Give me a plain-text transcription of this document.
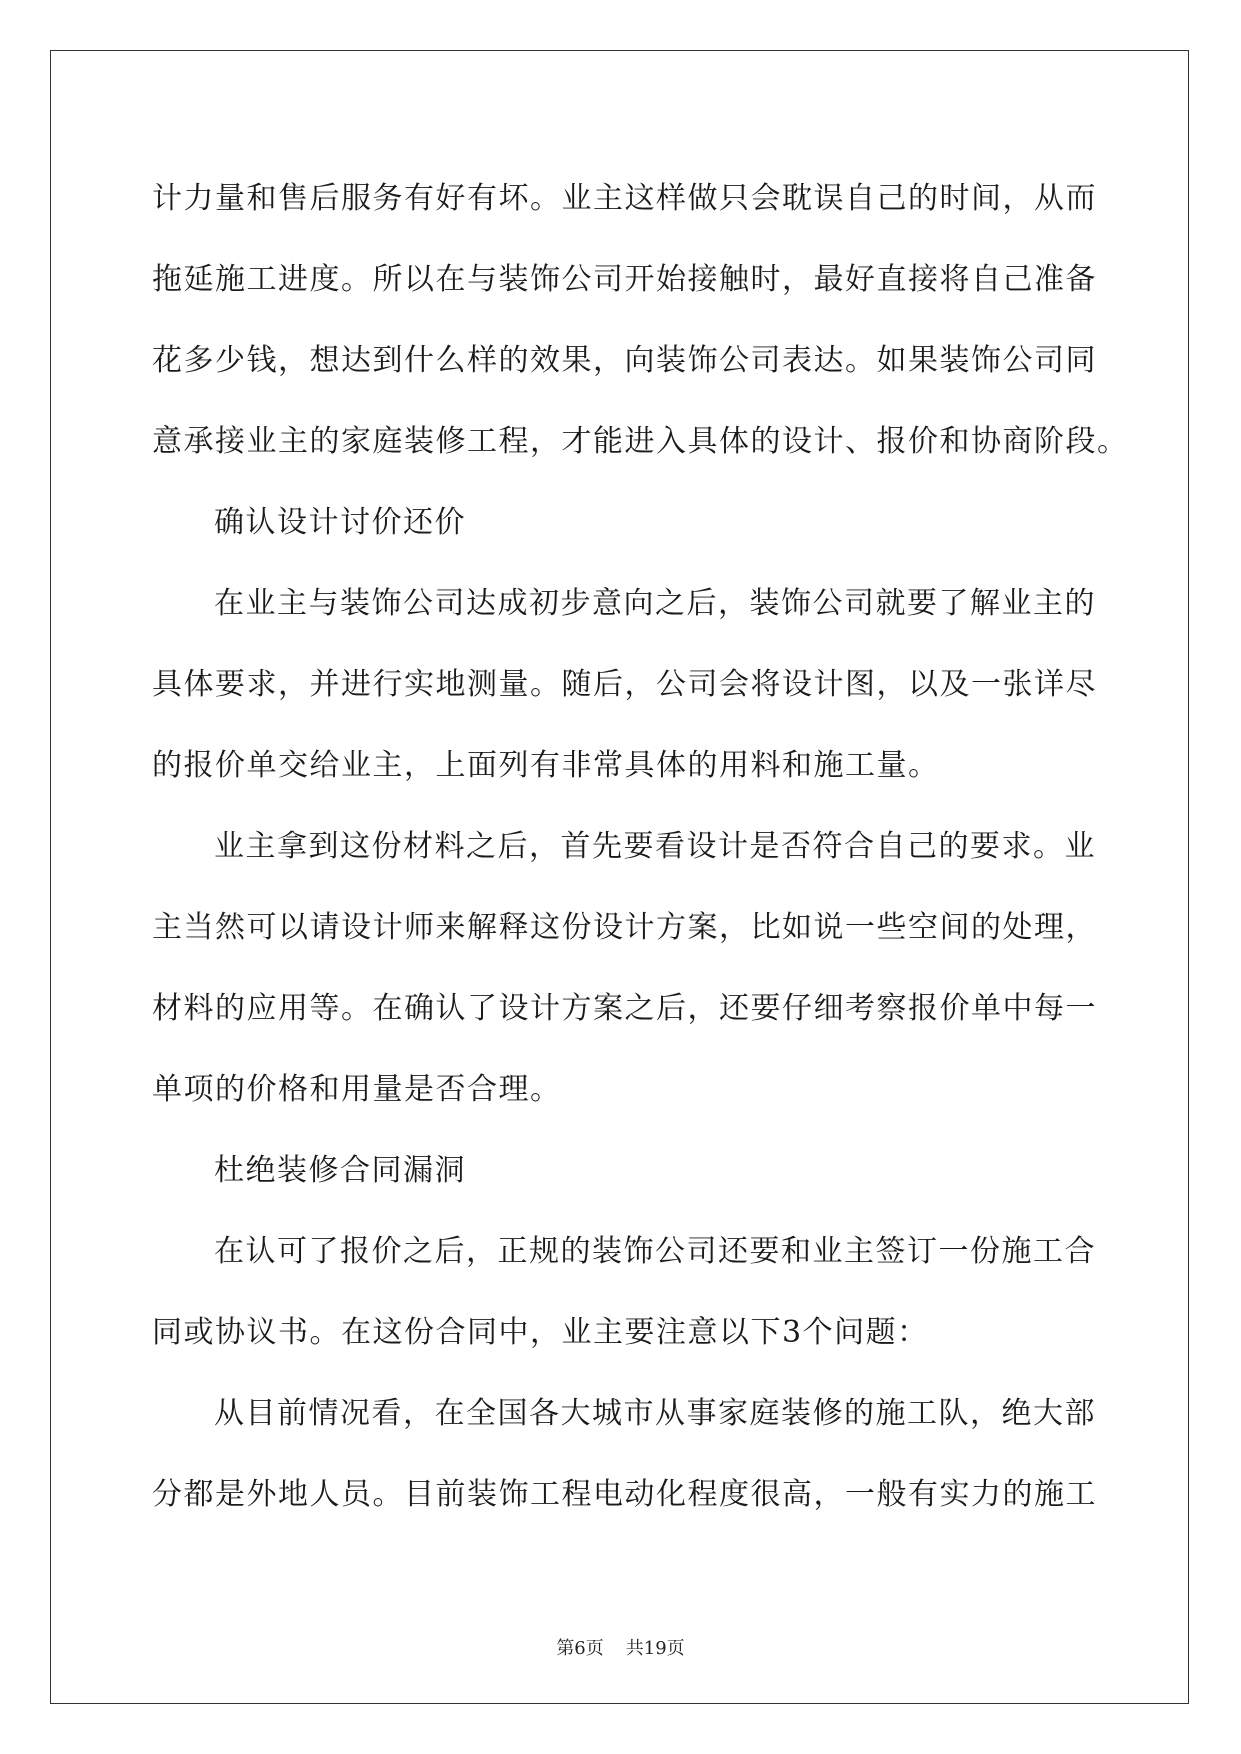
计力量和售后服务有好有坏。业主这样做只会耽误自己的时间，从而
拖延施工进度。所以在与装饰公司开始接触时，最好直接将自己准备
花多少钱，想达到什么样的效果，向装饰公司表达。如果装饰公司同
意承接业主的家庭装修工程，才能进入具体的设计、报价和协商阶段。
确认设计讨价还价
在业主与装饰公司达成初步意向之后，装饰公司就要了解业主的
具体要求，并进行实地测量。随后，公司会将设计图，以及一张详尽
的报价单交给业主，上面列有非常具体的用料和施工量。
业主拿到这份材料之后，首先要看设计是否符合自己的要求。业
主当然可以请设计师来解释这份设计方案，比如说一些空间的处理，
材料的应用等。在确认了设计方案之后，还要仔细考察报价单中每一
单项的价格和用量是否合理。
杜绝装修合同漏洞
在认可了报价之后，正规的装饰公司还要和业主签订一份施工合
同或协议书。在这份合同中，业主要注意以下3个问题：
从目前情况看，在全国各大城市从事家庭装修的施工队，绝大部
分都是外地人员。目前装饰工程电动化程度很高，一般有实力的施工
第6页 共19页
